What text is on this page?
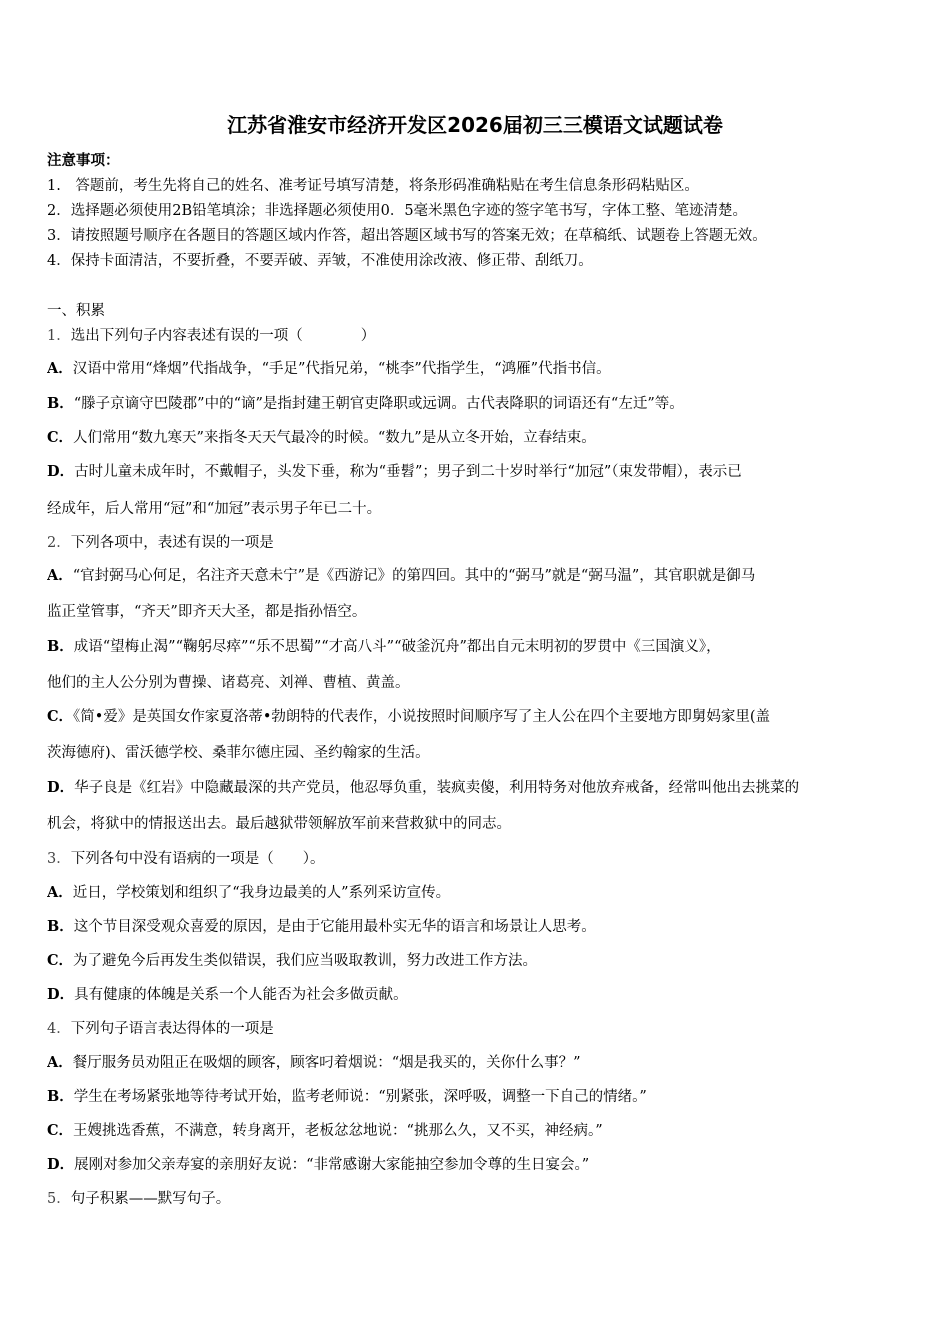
江苏省淮安市经济开发区2026届初三三模语文试题试卷
注意事项：
1.　答题前，考生先将自己的姓名、准考证号填写清楚，将条形码准确粘贴在考生信息条形码粘贴区。
2．选择题必须使用2B铅笔填涂；非选择题必须使用0．5毫米黑色字迹的签字笔书写，字体工整、笔迹清楚。
3．请按照题号顺序在各题目的答题区域内作答，超出答题区域书写的答案无效；在草稿纸、试题卷上答题无效。
4．保持卡面清洁，不要折叠，不要弄破、弄皱，不准使用涂改液、修正带、刮纸刀。
一、积累
1．选出下列句子内容表述有误的一项（　　　　）
A．汉语中常用“烽烟”代指战争，“手足”代指兄弟，“桃李”代指学生，“鸿雁”代指书信。
B．“滕子京谪守巴陵郡”中的“谪”是指封建王朝官吏降职或远调。古代表降职的词语还有“左迁”等。
C．人们常用“数九寒天”来指冬天天气最冷的时候。“数九”是从立冬开始，立春结束。
D．古时儿童未成年时，不戴帽子，头发下垂，称为“垂髫”；男子到二十岁时举行“加冠”（束发带帽），表示已
经成年，后人常用“冠”和“加冠”表示男子年已二十。
2．下列各项中，表述有误的一项是
A．“官封弼马心何足，名注齐天意未宁”是《西游记》的第四回。其中的“弼马”就是“弼马温”，其官职就是御马
监正堂管事，“齐天”即齐天大圣，都是指孙悟空。
B．成语“望梅止渴”“鞠躬尽瘁”“乐不思蜀”“才高八斗”“破釜沉舟”都出自元末明初的罗贯中《三国演义》，
他们的主人公分别为曹操、诸葛亮、刘禅、曹植、黄盖。
C．《简•爱》是英国女作家夏洛蒂•勃朗特的代表作，小说按照时间顺序写了主人公在四个主要地方即舅妈家里(盖
茨海德府)、雷沃德学校、桑菲尔德庄园、圣约翰家的生活。
D．华子良是《红岩》中隐藏最深的共产党员，他忍辱负重，装疯卖傻，利用特务对他放弃戒备，经常叫他出去挑菜的
机会，将狱中的情报送出去。最后越狱带领解放军前来营救狱中的同志。
3．下列各句中没有语病的一项是（　　）。
A．近日，学校策划和组织了“我身边最美的人”系列采访宣传。
B．这个节目深受观众喜爱的原因，是由于它能用最朴实无华的语言和场景让人思考。
C．为了避免今后再发生类似错误，我们应当吸取教训，努力改进工作方法。
D．具有健康的体魄是关系一个人能否为社会多做贡献。
4．下列句子语言表达得体的一项是
A．餐厅服务员劝阻正在吸烟的顾客，顾客叼着烟说：“烟是我买的，关你什么事？”
B．学生在考场紧张地等待考试开始，监考老师说：“别紧张，深呼吸，调整一下自己的情绪。”
C．王嫂挑选香蕉，不满意，转身离开，老板忿忿地说：“挑那么久，又不买，神经病。”
D．展刚对参加父亲寿宴的亲朋好友说：“非常感谢大家能抽空参加令尊的生日宴会。”
5．句子积累——默写句子。
